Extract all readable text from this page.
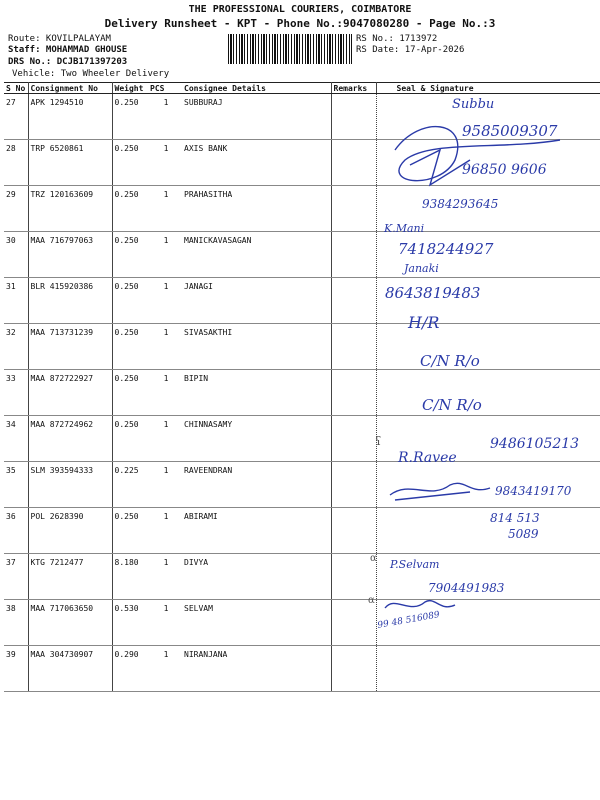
THE PROFESSIONAL COURIERS, COIMBATORE
Delivery Runsheet - KPT - Phone No.:9047080280 - Page No.:3
Route: KOVILPALAYAM
Staff: MOHAMMAD GHOUSE
DRS No.: DCJB171397203
Vehicle: Two Wheeler Delivery
RS No.: 1713972
RS Date: 17-Apr-2026
S No	Consignment No	Weight	PCS	Consignee Details	Remarks	Seal & Signature
27	APK 1294510	0.250	1	SUBBURAJ		
28	TRP 6520861	0.250	1	AXIS BANK		
29	TRZ 120163609	0.250	1	PRAHASITHA		
30	MAA 716797063	0.250	1	MANICKAVASAGAN		
31	BLR 415920386	0.250	1	JANAGI		
32	MAA 713731239	0.250	1	SIVASAKTHI		
33	MAA 872722927	0.250	1	BIPIN		
34	MAA 872724962	0.250	1	CHINNASAMY		
35	SLM 393594333	0.225	1	RAVEENDRAN		
36	POL 2628390	0.250	1	ABIRAMI		
37	KTG 7212477	8.180	1	DIVYA		
38	MAA 717063650	0.530	1	SELVAM		
39	MAA 304730907	0.290	1	NIRANJANA		
Subbu
9585009307
96850 9606
9384293645
K.Mani
7418244927
Janaki
8643819483
H/R
C/N R/o
C/N R/o
9486105213
R.Ravee
9843419170
814 513
5089
P.Selvam
7904491983
99 48 516089
ʕ
α
α
